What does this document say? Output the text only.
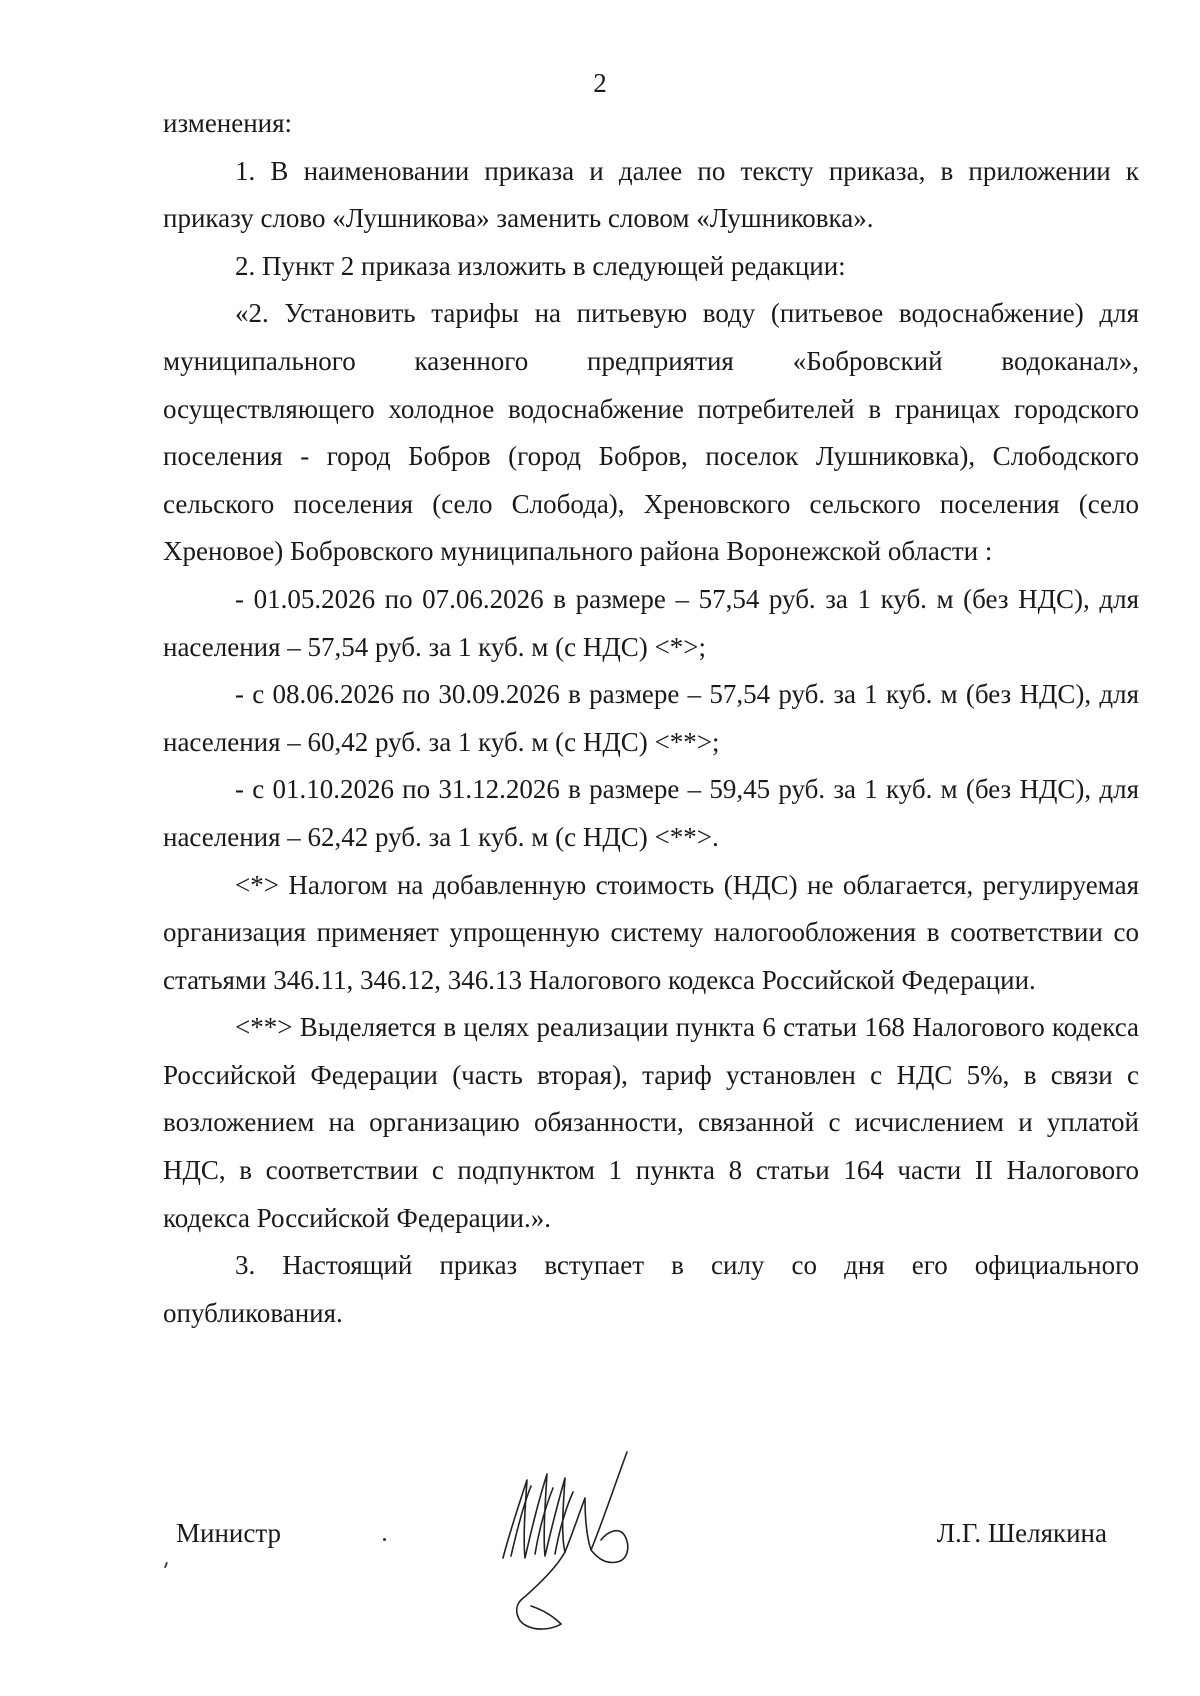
2

изменения:

1. В наименовании приказа и далее по тексту приказа, в приложении к приказу слово «Лушникова» заменить словом «Лушниковка».

2. Пункт 2 приказа изложить в следующей редакции:

«2. Установить тарифы на питьевую воду (питьевое водоснабжение) для муниципального казенного предприятия «Бобровский водоканал», осуществляющего холодное водоснабжение потребителей в границах городского поселения - город Бобров (город Бобров, поселок Лушниковка), Слободского сельского поселения (село Слобода), Хреновского сельского поселения (село Хреновое) Бобровского муниципального района Воронежской области :

- 01.05.2026 по 07.06.2026 в размере – 57,54 руб. за 1 куб. м (без НДС), для населения – 57,54 руб. за 1 куб. м (с НДС) <*>;

- с 08.06.2026 по 30.09.2026 в размере – 57,54 руб. за 1 куб. м (без НДС), для населения – 60,42 руб. за 1 куб. м (с НДС) <**>;

- с 01.10.2026 по 31.12.2026 в размере – 59,45 руб. за 1 куб. м (без НДС), для населения – 62,42 руб. за 1 куб. м (с НДС) <**>.

<*> Налогом на добавленную стоимость (НДС) не облагается, регулируемая организация применяет упрощенную систему налогообложения в соответствии со статьями 346.11, 346.12, 346.13 Налогового кодекса Российской Федерации.

<**> Выделяется в целях реализации пункта 6 статьи 168 Налогового кодекса Российской Федерации (часть вторая), тариф установлен с НДС 5%, в связи с возложением на организацию обязанности, связанной с исчислением и уплатой НДС, в соответствии с подпунктом 1 пункта 8 статьи 164 части II Налогового кодекса Российской Федерации.».

3. Настоящий приказ вступает в силу со дня его официального опубликования.

Министр	Л.Г. Шелякина
